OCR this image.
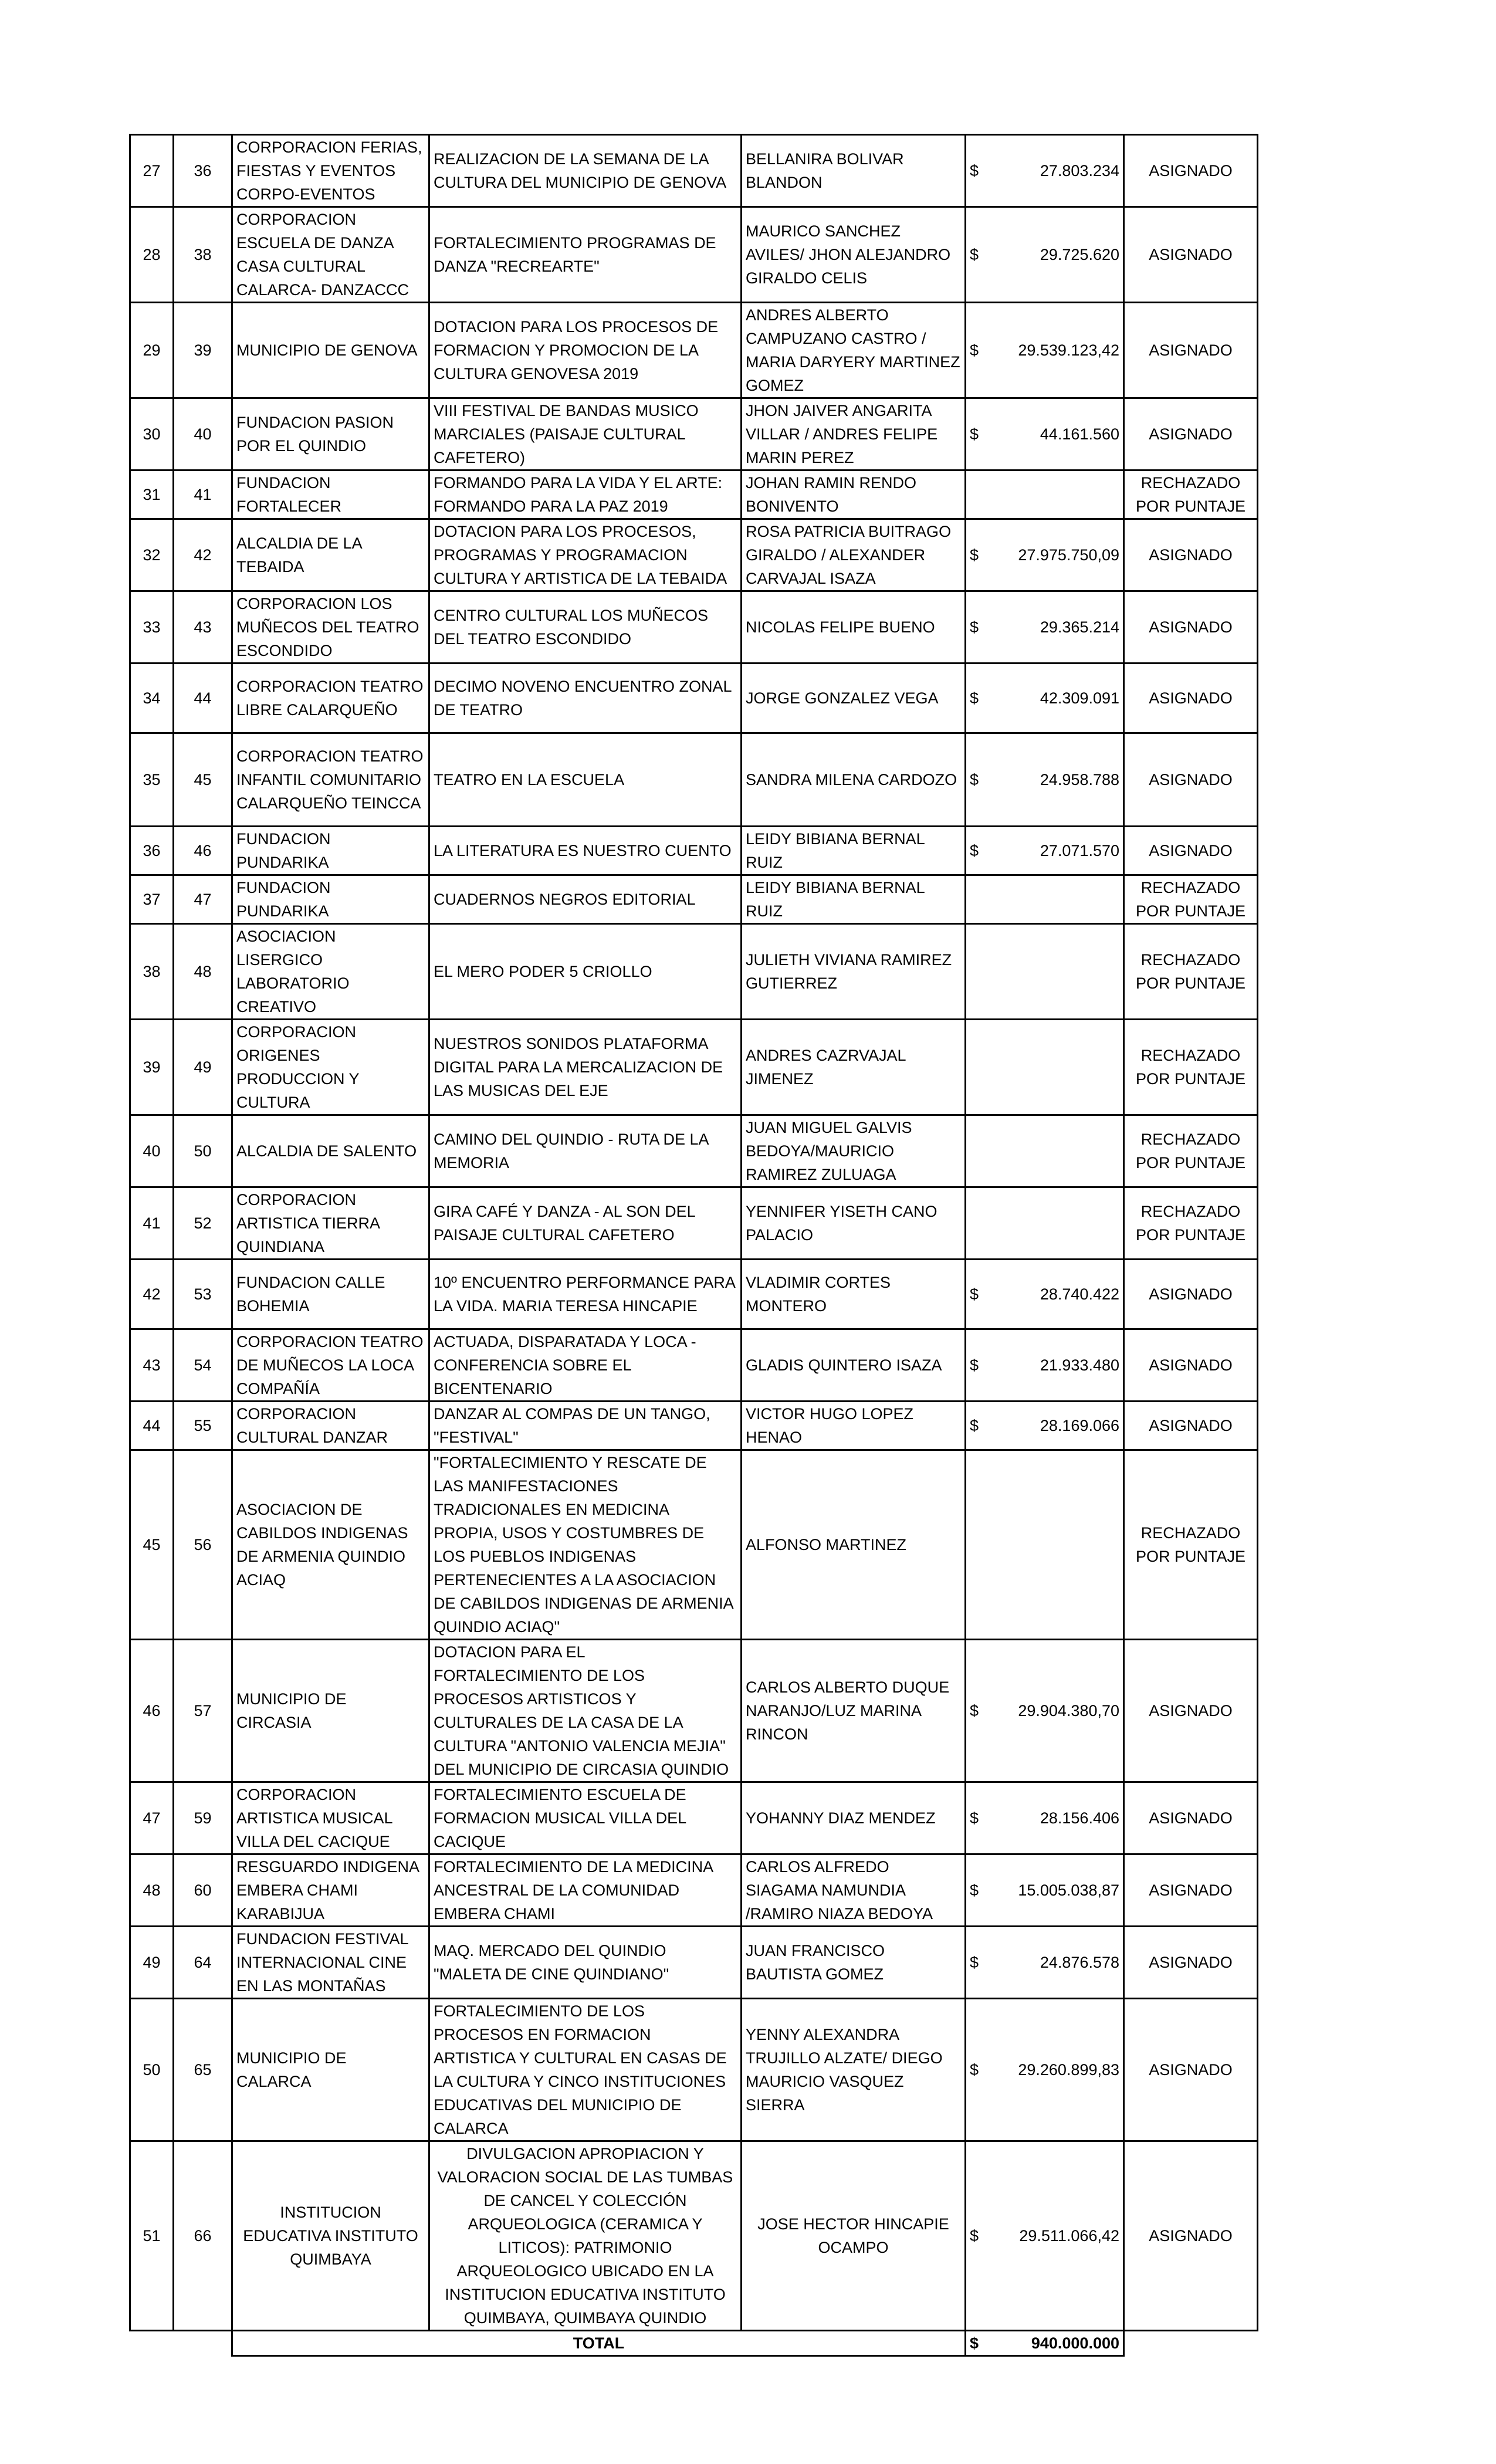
27	36	CORPORACION FERIAS, FIESTAS Y EVENTOS CORPO-EVENTOS	REALIZACION DE LA SEMANA DE LA CULTURA DEL MUNICIPIO DE GENOVA	BELLANIRA BOLIVAR BLANDON	$ 27.803.234	ASIGNADO
28	38	CORPORACION ESCUELA DE DANZA CASA CULTURAL CALARCA- DANZACCC	FORTALECIMIENTO PROGRAMAS DE DANZA "RECREARTE"	MAURICO SANCHEZ AVILES/ JHON ALEJANDRO GIRALDO CELIS	$ 29.725.620	ASIGNADO
29	39	MUNICIPIO DE GENOVA	DOTACION PARA LOS PROCESOS DE FORMACION Y PROMOCION DE LA CULTURA GENOVESA 2019	ANDRES ALBERTO CAMPUZANO CASTRO / MARIA DARYERY MARTINEZ GOMEZ	$ 29.539.123,42	ASIGNADO
30	40	FUNDACION PASION POR EL QUINDIO	VIII FESTIVAL DE BANDAS MUSICO MARCIALES (PAISAJE CULTURAL CAFETERO)	JHON JAIVER ANGARITA VILLAR / ANDRES FELIPE MARIN PEREZ	$ 44.161.560	ASIGNADO
31	41	FUNDACION FORTALECER	FORMANDO PARA LA VIDA Y EL ARTE: FORMANDO PARA LA PAZ 2019	JOHAN RAMIN RENDO BONIVENTO		RECHAZADO POR PUNTAJE
32	42	ALCALDIA DE LA TEBAIDA	DOTACION PARA LOS PROCESOS, PROGRAMAS Y PROGRAMACION CULTURA Y ARTISTICA DE LA TEBAIDA	ROSA PATRICIA BUITRAGO GIRALDO / ALEXANDER CARVAJAL ISAZA	$ 27.975.750,09	ASIGNADO
33	43	CORPORACION LOS MUÑECOS DEL TEATRO ESCONDIDO	CENTRO CULTURAL LOS MUÑECOS DEL TEATRO ESCONDIDO	NICOLAS FELIPE BUENO	$ 29.365.214	ASIGNADO
34	44	CORPORACION TEATRO LIBRE CALARQUEÑO	DECIMO NOVENO ENCUENTRO ZONAL DE TEATRO	JORGE GONZALEZ VEGA	$ 42.309.091	ASIGNADO
35	45	CORPORACION TEATRO INFANTIL COMUNITARIO CALARQUEÑO TEINCCA	TEATRO EN LA ESCUELA	SANDRA MILENA CARDOZO	$ 24.958.788	ASIGNADO
36	46	FUNDACION PUNDARIKA	LA LITERATURA ES NUESTRO CUENTO	LEIDY BIBIANA BERNAL RUIZ	$ 27.071.570	ASIGNADO
37	47	FUNDACION PUNDARIKA	CUADERNOS NEGROS EDITORIAL	LEIDY BIBIANA BERNAL RUIZ		RECHAZADO POR PUNTAJE
38	48	ASOCIACION LISERGICO LABORATORIO CREATIVO	EL MERO PODER 5 CRIOLLO	JULIETH VIVIANA RAMIREZ GUTIERREZ		RECHAZADO POR PUNTAJE
39	49	CORPORACION ORIGENES PRODUCCION Y CULTURA	NUESTROS SONIDOS PLATAFORMA DIGITAL PARA LA MERCALIZACION DE LAS MUSICAS DEL EJE	ANDRES CAZRVAJAL JIMENEZ		RECHAZADO POR PUNTAJE
40	50	ALCALDIA DE SALENTO	CAMINO DEL QUINDIO - RUTA DE LA MEMORIA	JUAN MIGUEL GALVIS BEDOYA/MAURICIO RAMIREZ ZULUAGA		RECHAZADO POR PUNTAJE
41	52	CORPORACION ARTISTICA TIERRA QUINDIANA	GIRA CAFÉ Y DANZA - AL SON DEL PAISAJE CULTURAL CAFETERO	YENNIFER YISETH CANO PALACIO		RECHAZADO POR PUNTAJE
42	53	FUNDACION CALLE BOHEMIA	10º ENCUENTRO PERFORMANCE PARA LA VIDA. MARIA TERESA HINCAPIE	VLADIMIR CORTES MONTERO	$ 28.740.422	ASIGNADO
43	54	CORPORACION TEATRO DE MUÑECOS LA LOCA COMPAÑÍA	ACTUADA, DISPARATADA Y LOCA - CONFERENCIA SOBRE EL BICENTENARIO	GLADIS QUINTERO ISAZA	$ 21.933.480	ASIGNADO
44	55	CORPORACION CULTURAL DANZAR	DANZAR AL COMPAS DE UN TANGO, "FESTIVAL"	VICTOR HUGO LOPEZ HENAO	$ 28.169.066	ASIGNADO
45	56	ASOCIACION DE CABILDOS INDIGENAS DE ARMENIA QUINDIO ACIAQ	"FORTALECIMIENTO Y RESCATE DE LAS MANIFESTACIONES TRADICIONALES EN MEDICINA PROPIA, USOS Y COSTUMBRES DE LOS PUEBLOS INDIGENAS PERTENECIENTES A LA ASOCIACION DE CABILDOS INDIGENAS DE ARMENIA QUINDIO ACIAQ"	ALFONSO MARTINEZ		RECHAZADO POR PUNTAJE
46	57	MUNICIPIO DE CIRCASIA	DOTACION PARA EL FORTALECIMIENTO DE LOS PROCESOS ARTISTICOS Y CULTURALES DE LA CASA DE LA CULTURA "ANTONIO VALENCIA MEJIA" DEL MUNICIPIO DE CIRCASIA QUINDIO	CARLOS ALBERTO DUQUE NARANJO/LUZ MARINA RINCON	$ 29.904.380,70	ASIGNADO
47	59	CORPORACION ARTISTICA MUSICAL VILLA DEL CACIQUE	FORTALECIMIENTO ESCUELA DE FORMACION MUSICAL VILLA DEL CACIQUE	YOHANNY DIAZ MENDEZ	$ 28.156.406	ASIGNADO
48	60	RESGUARDO INDIGENA EMBERA CHAMI KARABIJUA	FORTALECIMIENTO DE LA MEDICINA ANCESTRAL DE LA COMUNIDAD EMBERA CHAMI	CARLOS ALFREDO SIAGAMA NAMUNDIA /RAMIRO NIAZA BEDOYA	$ 15.005.038,87	ASIGNADO
49	64	FUNDACION FESTIVAL INTERNACIONAL CINE EN LAS MONTAÑAS	MAQ. MERCADO DEL QUINDIO "MALETA DE CINE QUINDIANO"	JUAN FRANCISCO BAUTISTA GOMEZ	$ 24.876.578	ASIGNADO
50	65	MUNICIPIO DE CALARCA	FORTALECIMIENTO DE LOS PROCESOS EN FORMACION ARTISTICA Y CULTURAL EN CASAS DE LA CULTURA Y CINCO INSTITUCIONES EDUCATIVAS DEL MUNICIPIO DE CALARCA	YENNY ALEXANDRA TRUJILLO ALZATE/ DIEGO MAURICIO VASQUEZ SIERRA	$ 29.260.899,83	ASIGNADO
51	66	INSTITUCION EDUCATIVA INSTITUTO QUIMBAYA	DIVULGACION APROPIACION Y VALORACION SOCIAL DE LAS TUMBAS DE CANCEL Y COLECCIÓN ARQUEOLOGICA (CERAMICA Y LITICOS): PATRIMONIO ARQUEOLOGICO UBICADO EN LA INSTITUCION EDUCATIVA INSTITUTO QUIMBAYA, QUIMBAYA QUINDIO	JOSE HECTOR HINCAPIE OCAMPO	$ 29.511.066,42	ASIGNADO
		TOTAL			$ 940.000.000	
